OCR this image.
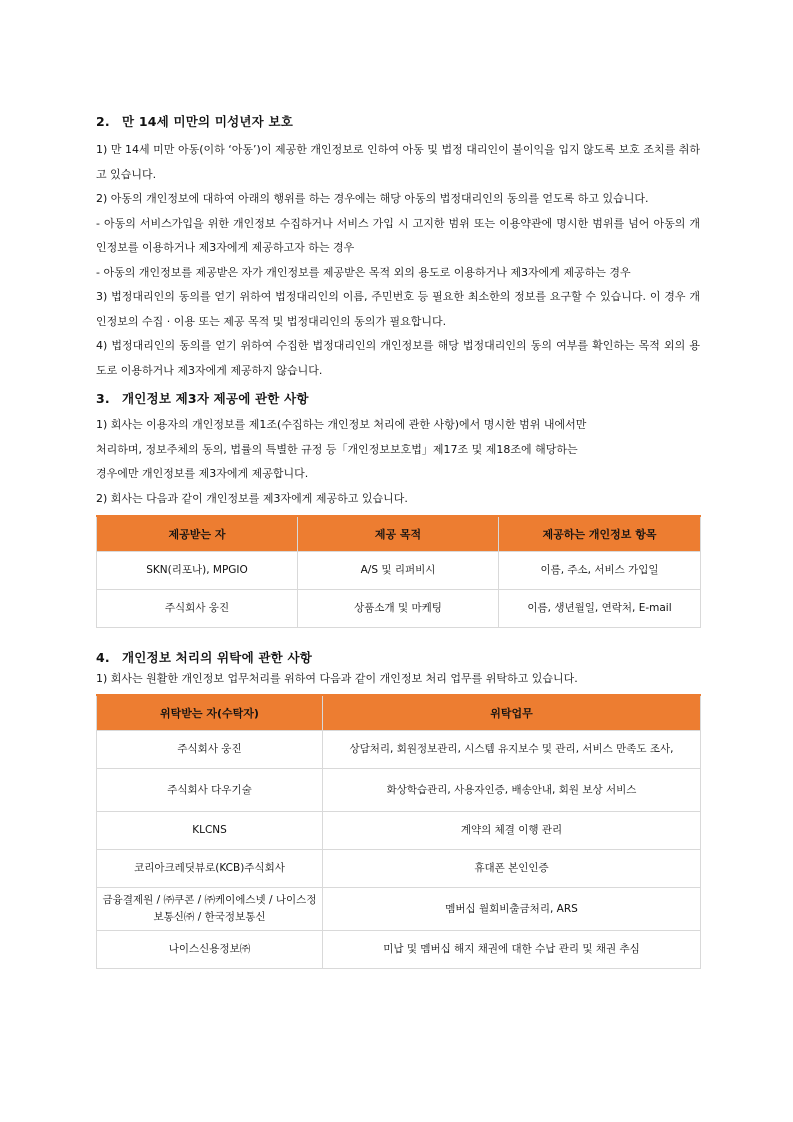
2. 만 14세 미만의 미성년자 보호

1) 만 14세 미만 아동(이하 ‘아동’)이 제공한 개인정보로 인하여 아동 및 법정 대리인이 불이익을 입지 않도록 보호 조치를 취하고 있습니다.

2) 아동의 개인정보에 대하여 아래의 행위를 하는 경우에는 해당 아동의 법정대리인의 동의를 얻도록 하고 있습니다.

- 아동의 서비스가입을 위한 개인정보 수집하거나 서비스 가입 시 고지한 범위 또는 이용약관에 명시한 범위를 넘어 아동의 개인정보를 이용하거나 제3자에게 제공하고자 하는 경우

- 아동의 개인정보를 제공받은 자가 개인정보를 제공받은 목적 외의 용도로 이용하거나 제3자에게 제공하는 경우

3) 법정대리인의 동의를 얻기 위하여 법정대리인의 이름, 주민번호 등 필요한 최소한의 정보를 요구할 수 있습니다. 이 경우 개인정보의 수집 · 이용 또는 제공 목적 및 법정대리인의 동의가 필요합니다.

4) 법정대리인의 동의를 얻기 위하여 수집한 법정대리인의 개인정보를 해당 법정대리인의 동의 여부를 확인하는 목적 외의 용도로 이용하거나 제3자에게 제공하지 않습니다.

3. 개인정보 제3자 제공에 관한 사항

1) 회사는 이용자의 개인정보를 제1조(수집하는 개인정보 처리에 관한 사항)에서 명시한 범위 내에서만

처리하며, 정보주체의 동의, 법률의 특별한 규정 등「개인정보보호법」제17조 및 제18조에 해당하는

경우에만 개인정보를 제3자에게 제공합니다.

2) 회사는 다음과 같이 개인정보를 제3자에게 제공하고 있습니다.

제공받는 자	제공 목적	제공하는 개인정보 항목
SKN(리포나), MPGIO	A/S 및 리퍼비시	이름, 주소, 서비스 가입일
주식회사 웅진	상품소개 및 마케팅	이름, 생년월일, 연락처, E-mail

4. 개인정보 처리의 위탁에 관한 사항

1) 회사는 원활한 개인정보 업무처리를 위하여 다음과 같이 개인정보 처리 업무를 위탁하고 있습니다.

위탁받는 자(수탁자)	위탁업무
주식회사 웅진	상담처리, 회원정보관리, 시스템 유지보수 및 관리, 서비스 만족도 조사,
주식회사 다우기술	화상학습관리, 사용자인증, 배송안내, 회원 보상 서비스
KLCNS	계약의 체결 이행 관리
코리아크레딧뷰로(KCB)주식회사	휴대폰 본인인증
금융결제원 / ㈜쿠콘 / ㈜케이에스넷 / 나이스정보통신㈜ / 한국정보통신	멤버십 월회비출금처리, ARS
나이스신용정보㈜	미납 및 멤버십 해지 채권에 대한 수납 관리 및 채권 추심
